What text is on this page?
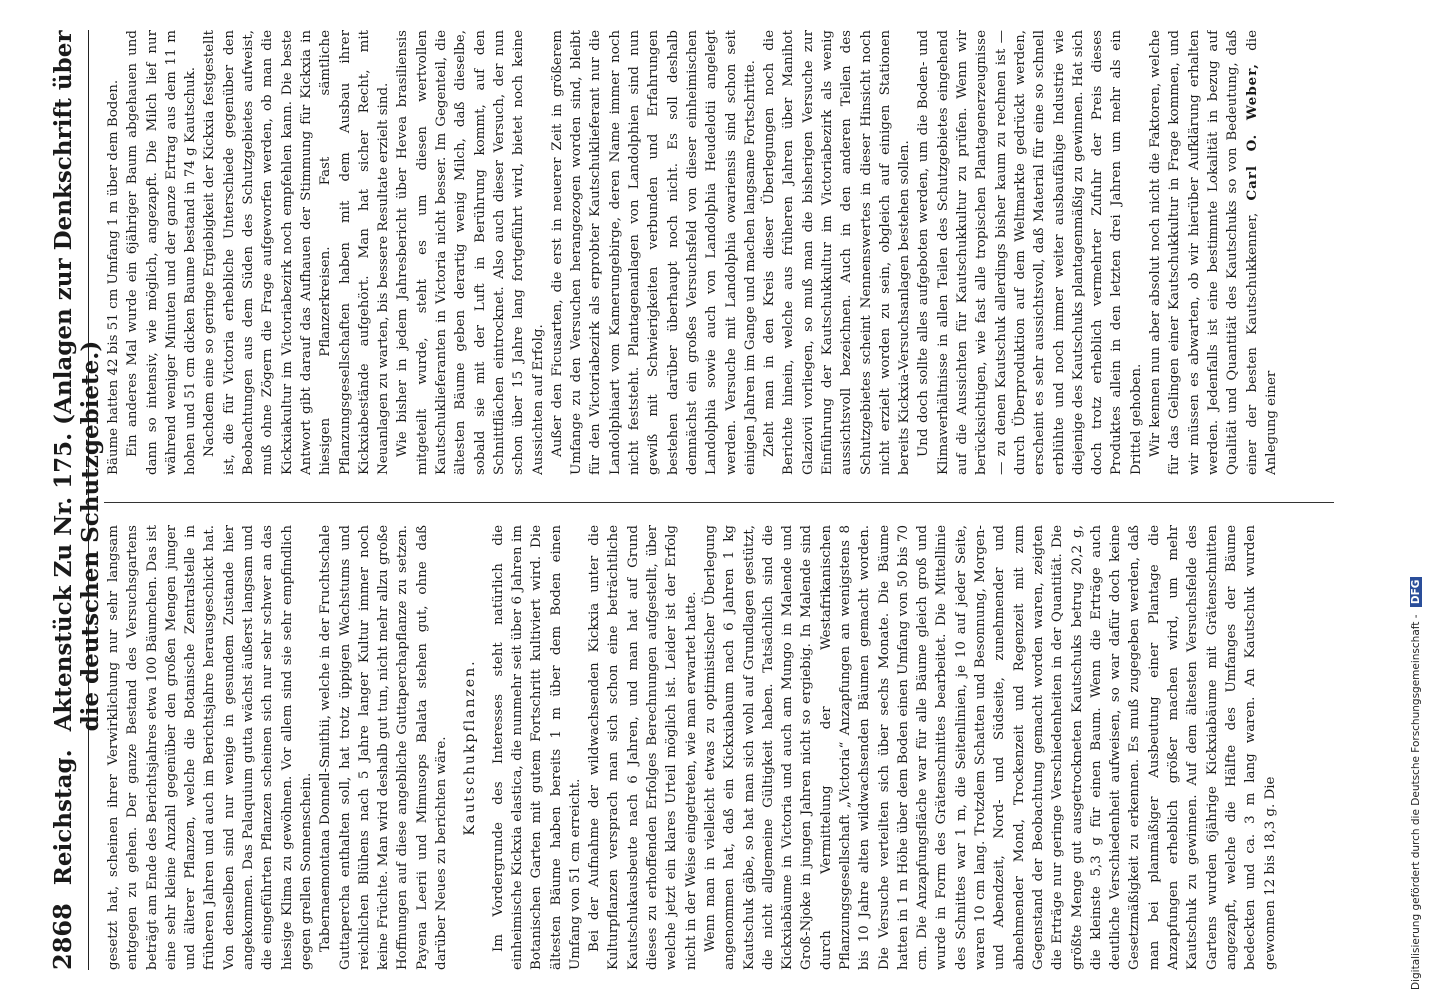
2868
Reichstag.
Aktenstück Zu Nr. 175. (Anlagen zur Denkschrift über die deutschen Schutzgebiete.) gesetzt hat, scheinen ihrer Verwirklichung nur sehr langsam entgegen zu gehen. Der ganze Bestand des Versuchsgartens beträgt am Ende des Berichtsjahres etwa 100 Bäumchen. Das ist eine sehr kleine Anzahl gegenüber den großen Mengen junger und älterer Pflanzen, welche die Botanische Zentralstelle in früheren Jahren und auch im Berichtsjahre herausgeschickt hat. Von denselben sind nur wenige in gesundem Zustande hier angekommen. Das Palaquium gutta wächst äußerst langsam und die eingeführten Pflanzen scheinen sich nur sehr schwer an das hiesige Klima zu gewöhnen. Vor allem sind sie sehr empfindlich gegen grellen Sonnenschein. Tabernaemontana Donnell-Smithii, welche in der Fruchtschale Guttapercha enthalten soll, hat trotz üppigen Wachstums und reichlichen Blühens nach 5 Jahre langer Kultur immer noch keine Früchte. Man wird deshalb gut tun, nicht mehr allzu große Hoffnungen auf diese angebliche Guttaperchapflanze zu setzen. Payena Leerii und Mimusops Balata stehen gut, ohne daß darüber Neues zu berichten wäre. Kautschukpflanzen. Im Vordergrunde des Interesses steht natürlich die einheimische Kickxia elastica, die nunmehr seit über 6 Jahren im Botanischen Garten mit gutem Fortschritt kultiviert wird. Die ältesten Bäume haben bereits 1 m über dem Boden einen Umfang von 51 cm erreicht. Bei der Aufnahme der wildwachsenden Kickxia unter die Kulturpflanzen versprach man sich schon eine beträchtliche Kautschukausbeute nach 6 Jahren, und man hat auf Grund dieses zu erhoffenden Erfolges Berechnungen aufgestellt, über welche jetzt ein klares Urteil möglich ist. Leider ist der Erfolg nicht in der Weise eingetreten, wie man erwartet hatte. Wenn man in vielleicht etwas zu optimistischer Überlegung angenommen hat, daß ein Kickxiabaum nach 6 Jahren 1 kg Kautschuk gäbe, so hat man sich wohl auf Grundlagen gestützt, die nicht allgemeine Gültigkeit haben. Tatsächlich sind die Kickxiabäume in Victoria und auch am Mungo in Malende und Groß-Njoke in jungen Jahren nicht so ergiebig. In Malende sind durch Vermittelung der Westafrikanischen Pflanzungsgesellschaft „Victoria“ Anzapfungen an wenigstens 8 bis 10 Jahre alten wildwachsenden Bäumen gemacht worden. Die Versuche verteilten sich über sechs Monate. Die Bäume hatten in 1 m Höhe über dem Boden einen Umfang von 50 bis 70 cm. Die Anzapfungsfläche war für alle Bäume gleich groß und wurde in Form des Grätenschnittes bearbeitet. Die Mittellinie des Schnittes war 1 m, die Seitenlinien, je 10 auf jeder Seite, waren 10 cm lang. Trotzdem Schatten und Besonnung, Morgen- und Abendzeit, Nord- und Südseite, zunehmender und abnehmender Mond, Trockenzeit und Regenzeit mit zum Gegenstand der Beobachtung gemacht worden waren, zeigten die Erträge nur geringe Verschiedenheiten in der Quantität. Die größte Menge gut ausgetrockneten Kautschuks betrug 20,2 g, die kleinste 5,3 g für einen Baum. Wenn die Erträge auch deutliche Verschiedenheit aufweisen, so war dafür doch keine Gesetzmäßigkeit zu erkennen. Es muß zugegeben werden, daß man bei planmäßiger Ausbeutung einer Plantage die Anzapfungen erheblich größer machen wird, um mehr Kautschuk zu gewinnen. Auf dem ältesten Versuchsfelde des Gartens wurden 6jährige Kickxiabäume mit Grätenschnitten angezapft, welche die Hälfte des Umfanges der Bäume bedeckten und ca. 3 m lang waren. An Kautschuk wurden gewonnen 12 bis 18,3 g. Die

Bäume hatten 42 bis 51 cm Umfang 1 m über dem Boden. Ein anderes Mal wurde ein 6jähriger Baum abgehauen und dann so intensiv, wie möglich, angezapft. Die Milch lief nur während weniger Minuten und der ganze Ertrag aus dem 11 m hohen und 51 cm dicken Baume bestand in 74 g Kautschuk. Nachdem eine so geringe Ergiebigkeit der Kickxia festgestellt ist, die für Victoria erhebliche Unterschiede gegenüber den Beobachtungen aus dem Süden des Schutzgebietes aufweist, muß ohne Zögern die Frage aufgeworfen werden, ob man die Kickxiakultur im Victoriabezirk noch empfehlen kann. Die beste Antwort gibt darauf das Aufhauen der Stimmung für Kickxia in hiesigen Pflanzerkreisen. Fast sämtliche Pflanzungsgesellschaften haben mit dem Ausbau ihrer Kickxiabestände aufgehört. Man hat sicher Recht, mit Neuanlagen zu warten, bis bessere Resultate erzielt sind. Wie bisher in jedem Jahresbericht über Hevea brasiliensis mitgeteilt wurde, steht es um diesen wertvollen Kautschuklieferanten in Victoria nicht besser. Im Gegenteil, die ältesten Bäume geben derartig wenig Milch, daß dieselbe, sobald sie mit der Luft in Berührung kommt, auf den Schnittflächen eintrocknet. Also auch dieser Versuch, der nun schon über 15 Jahre lang fortgeführt wird, bietet noch keine Aussichten auf Erfolg. Außer den Ficusarten, die erst in neuerer Zeit in größerem Umfange zu den Versuchen herangezogen worden sind, bleibt für den Victoriabezirk als erprobter Kautschuklieferant nur die Landolphiaart vom Kamerungebirge, deren Name immer noch nicht feststeht. Plantagenanlagen von Landolphien sind nun gewiß mit Schwierigkeiten verbunden und Erfahrungen bestehen darüber überhaupt noch nicht. Es soll deshalb demnächst ein großes Versuchsfeld von dieser einheimischen Landolphia sowie auch von Landolphia Heudelotii angelegt werden. Versuche mit Landolphia owariensis sind schon seit einigen Jahren im Gange und machen langsame Fortschritte. Zieht man in den Kreis dieser Überlegungen noch die Berichte hinein, welche aus früheren Jahren über Manihot Glaziovii vorliegen, so muß man die bisherigen Versuche zur Einführung der Kautschukkultur im Victoriabezirk als wenig aussichtsvoll bezeichnen. Auch in den anderen Teilen des Schutzgebietes scheint Nennenswertes in dieser Hinsicht noch nicht erzielt worden zu sein, obgleich auf einigen Stationen bereits Kickxia-Versuchsanlagen bestehen sollen. Und doch sollte alles aufgeboten werden, um die Boden- und Klimaverhältnisse in allen Teilen des Schutzgebietes eingehend auf die Aussichten für Kautschukkultur zu prüfen. Wenn wir berücksichtigen, wie fast alle tropischen Plantagenerzeugnisse — zu denen Kautschuk allerdings bisher kaum zu rechnen ist — durch Überproduktion auf dem Weltmarkte gedrückt werden, erscheint es sehr aussichtsvoll, daß Material für eine so schnell erblühte und noch immer weiter ausbaufähige Industrie wie diejenige des Kautschuks plantagenmäßig zu gewinnen. Hat sich doch trotz erheblich vermehrter Zufuhr der Preis dieses Produktes allein in den letzten drei Jahren um mehr als ein Drittel gehoben. Wir kennen nun aber absolut noch nicht die Faktoren, welche für das Gelingen einer Kautschukkultur in Frage kommen, und wir müssen es abwarten, ob wir hierüber Aufklärung erhalten werden. Jedenfalls ist eine bestimmte Lokalität in bezug auf Qualität und Quantität des Kautschuks so von Bedeutung, daß einer der besten Kautschukkenner, Carl O. Weber, die Anlegung einer

Digitalisierung gefördert durch die Deutsche Forschungsgemeinschaft - DFG
